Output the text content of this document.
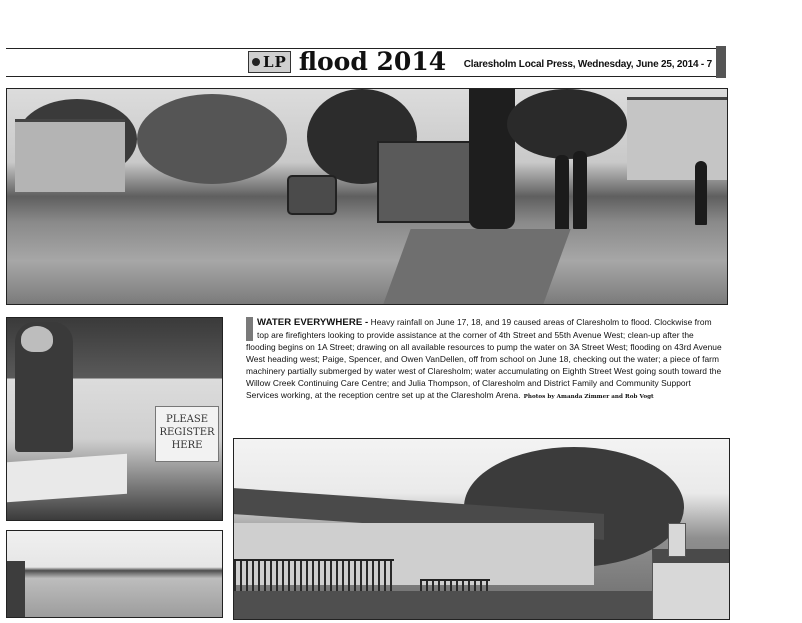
LP flood 2014 Claresholm Local Press, Wednesday, June 25, 2014 - 7
PLEASE
REGISTER
HERE
WATER EVERYWHERE - Heavy rainfall on June 17, 18, and 19 caused areas of Claresholm to flood. Clockwise from top are firefighters looking to provide assistance at the corner of 4th Street and 55th Avenue West; clean-up after the flooding begins on 1A Street; drawing on all available resources to pump the water on 3A Street West; flooding on 43rd Avenue West heading west; Paige, Spencer, and Owen VanDellen, off from school on June 18, checking out the water; a piece of farm machinery partially submerged by water west of Claresholm; water accumulating on Eighth Street West going south toward the Willow Creek Continuing Care Centre; and Julia Thompson, of Claresholm and District Family and Community Support Services working, at the reception centre set up at the Claresholm Arena. Photos by Amanda Zimmer and Rob Vogt
